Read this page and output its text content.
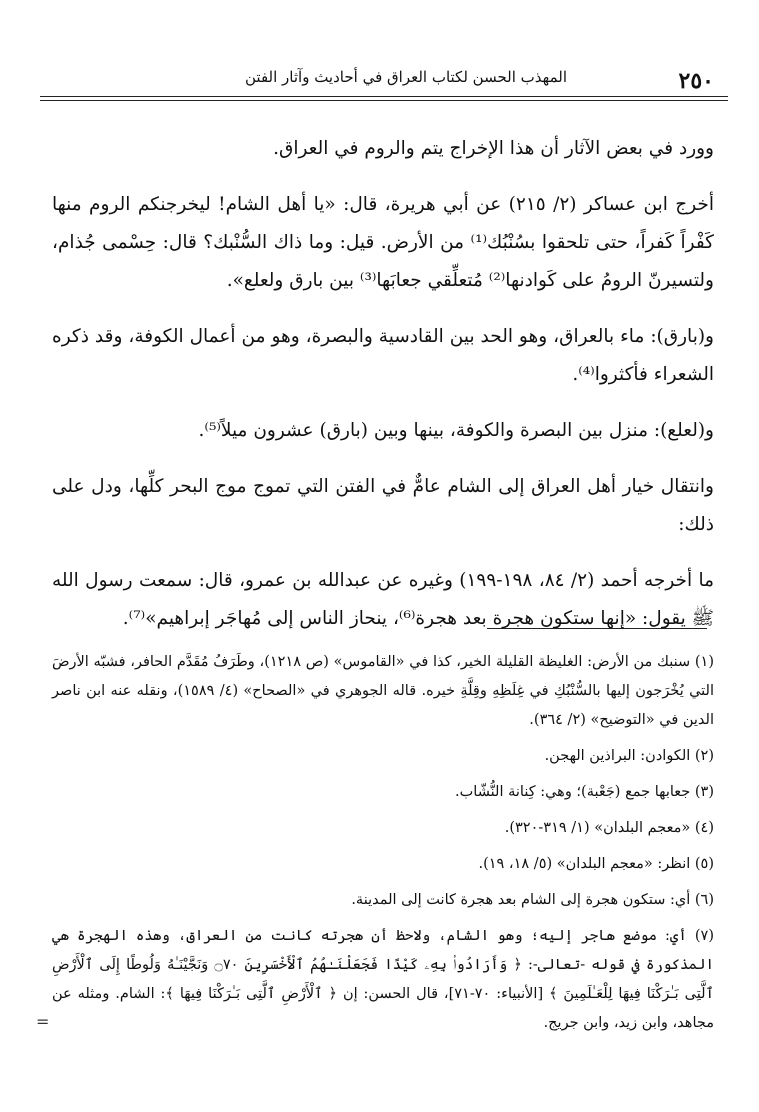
٢٥٠
المهذب الحسن لكتاب العراق في أحاديث وآثار الفتن

وورد في بعض الآثار أن هذا الإخراج يتم والروم في العراق.

أخرج ابن عساكر (٢/ ٢١٥) عن أبي هريرة، قال: «يا أهل الشام! ليخرجنكم الروم منها كَفْراً كَفراً، حتى تلحقوا بسُنْبُك⁽¹⁾ من الأرض. قيل: وما ذاك السُّنْبك؟ قال: حِسْمى جُذام، ولتسيرنّ الرومُ على كَوادنها⁽²⁾ مُتعلِّقي جعابَها⁽³⁾ بين بارق ولعلع».

و(بارق): ماء بالعراق، وهو الحد بين القادسية والبصرة، وهو من أعمال الكوفة، وقد ذكره الشعراء فأكثروا⁽⁴⁾.

و(لعلع): منزل بين البصرة والكوفة، بينها وبين (بارق) عشرون ميلاً⁽⁵⁾.

وانتقال خيار أهل العراق إلى الشام عامٌّ في الفتن التي تموج موج البحر كلِّها، ودل على ذلك:

ما أخرجه أحمد (٢/ ٨٤، ١٩٨-١٩٩) وغيره عن عبدالله بن عمرو، قال: سمعت رسول الله ﷺ يقول: «إنها ستكون هجرة بعد هجرة⁽⁶⁾، ينحاز الناس إلى مُهاجَر إبراهيم»⁽⁷⁾.

(١) سنبك من الأرض: الغليظة القليلة الخير، كذا في «القاموس» (ص ١٢١٨)، وطَرَفُ مُقَدَّم الحافر، فشبّه الأرضَ التي يُخْرَجون إليها بالسُّنْبُكِ في غِلَظِهِ وقِلَّةِ خيره. قاله الجوهري في «الصحاح» (٤/ ١٥٨٩)، ونقله عنه ابن ناصر الدين في «التوضيح» (٢/ ٣٦٤).

(٢) الكوادن: البراذين الهجن.

(٣) جعابها جمع (جَعْبة)؛ وهي: كِنانة النُّشّاب.

(٤) «معجم البلدان» (١/ ٣١٩-٣٢٠).

(٥) انظر: «معجم البلدان» (٥/ ١٨، ١٩).

(٦) أي: ستكون هجرة إلى الشام بعد هجرة كانت إلى المدينة.

(٧) أي: موضع هاجر إليه؛ وهو الشام، ولاحظ أن هجرته كانت من العراق، وهذه الهجرة هي المذكورة في قوله -تعالى-: ﴿ وَأَرَادُوا۟ بِهِۦ كَيْدًا فَجَعَلْنَـٰهُمُ ٱلْأَخْسَرِينَ ۝٧٠ وَنَجَّيْنَـٰهُ وَلُوطًا إِلَى ٱلْأَرْضِ ٱلَّتِى بَـٰرَكْنَا فِيهَا لِلْعَـٰلَمِينَ ﴾ [الأنبياء: ٧٠-٧١]، قال الحسن: إن ﴿ ٱلْأَرْضِ ٱلَّتِى بَـٰرَكْنَا فِيهَا ﴾: الشام. ومثله عن مجاهد، وابن زيد، وابن جريج.

=
